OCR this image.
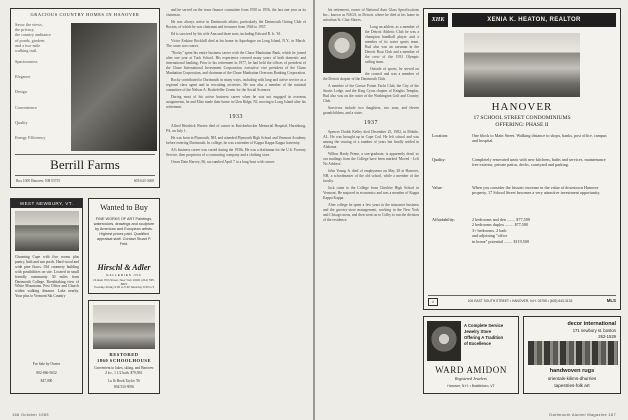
GRACIOUS COUNTRY HOMES IN HANOVER
Savor the views,
the privacy,
the country ambiance
of ponds, gardens
and a two-mile
walking trail.
Spaciousness
Elegance
Design
Convenience
Quality
Energy Efficiency
Berrill Farms
Box 1000 Hanover, NH 03755	603/643-3608
WEST NEWBURY, VT.
Charming Cape with five rooms plus pantry, bath and sun porch. Hard wood and wide pine floors. Old creamery building with possibilities on site. Located in small friendly community 30 miles from Dartmouth College. Breathtaking view of White Mountains. Post Office and Church within walking distance. Lake nearby. Your plus to Vermont Ski Country
For Sale by Owner
802-866-5652
$47,000
Wanted to Buy
FINE WORKS OF ART Paintings, watercolors, drawings and sculpture by American and European artists. Highest prices paid. Qualified appraisal staff. Contact Stuart P. Feld.
Hirschl & Adler
GALLERIES INC
21 East 70th Street, New York 10021 (212) 535-8810
Tuesday-Friday 9:30 to 5:30 Saturday 9:30 to 5
RESTORED
1860 SCHOOLHOUSE
Convenient to lakes, skiing, and Hanover. 2 b.r., 1 1/2 bath. $79,500.
Lu & Hook Taylor '56
802/333-9056

and he served on the town finance committee from 1950 to 1956, the last one year as its chairman.

He was always active in Dartmouth affairs, particularly the Dartmouth Outing Club of Boston, of which he was chairman and treasurer from 1944 to 1957.

Ed is survived by his wife Ann and three sons, including Edward B. Jr. '61.

Victor Erskine Rockhill died at his home in Aquebogue on Long Island, N.Y., in March. The cause was cancer.

"Rocky" spent his entire business career with the Chase Manhattan Bank, which he joined after one year at Tuck School. His experience covered many years of both domestic and international banking. Prior to his retirement in 1977, he had held the offices of president of the Chase International Investment Corporation, executive vice president of the Chase Manhattan Corporation, and chairman of the Chase Manhattan Overseas Banking Corporation.

Rocky contributed to Dartmouth in many ways, including with long and active service as a regional class agent and in recruiting activities. He was also a member of the national committee of the Nelson A. Rockefeller Center for the Social Sciences.

During most of his active business career when he was not engaged in overseas assignments, he and Elise made their home in Glen Ridge, NJ, moving to Long Island after his retirement.

1933

Alfred Hendrick Warren died of cancer in Knickerbocker Memorial Hospital, Harrisburg, PA, on July 1.

He was born in Plymouth, NH, and attended Plymouth High School and Vermont Academy before entering Dartmouth. In college, he was a member of Kappa Kappa Kappa fraternity.

Al's business career was varied during the 1930s. He was a draftsman for the U.S. Forestry Service, then proprietor of a contracting company and a clothing store.

Orson Dain Harvey, 86, succumbed April 7 to a long bout with cancer.

166 October 1983

his retirement, owner of National Auto Glass Specifications Inc., known as NAGS, in Detroit, where he died at his home in suburban St. Clair Shores.

Long an athlete, as a member of the Detroit Athletic Club he was a champion handball player and a member of its water sports team. Bud also was an oarsman in the Detroit Boat Club and a member of the crew of the 1931 Olympic sailing team.

Outside of sports, he served on the council and was a member of the Detroit chapter of the Dartmouth Club.

A member of the Grosse Pointe Yacht Club, the City of the Straits Lodge, and the King Cyrus chapter of Knights Templar, Bud also was on the roster of the Washington Golf and Country Club.

Survivors include two daughters, two sons, and eleven grandchildren, and a sister.

1937

Spencer Dodds Kelley died December 25, 1982, in Mobile, AL. He was brought up in Cape Cod. He left school and was among the rousing of a number of years but finally settled in Alabama.

Wilbur Hardy Prime, a son-graduate, is apparently dead, so our mailings from the College have been marked 'Moved - Left No Address'.

John Young Jr. died of emphysema on May 28 at Hanover, NH, a schoolmaster of the old school, while a member of the faculty.

Jack came to the College from Cheshire High School in Vermont. He majored in economics and was a member of Kappa Kappa Kappa.

After college he spent a few years in the insurance business and the grocery-store management, working in the New York and Chicago areas, and then went on to Colby to run the division of the residence.

XHK	XENIA K. HEATON, REALTOR
HANOVER
17 SCHOOL STREET CONDOMINIUMS
OFFERING: PHASE II
Location:	One block to Main Street. Walking distance to shops, banks, post office, campus and hospital.
Quality:	Completely renovated units with new kitchens, baths and services, maintenance free exterior, private patios, decks, courtyard and parking.
Value:	When you consider the historic increase in the value of downtown Hanover property, 17 School Street becomes a very attractive investment opportunity.
Affordability:	2 bedrooms and den ........ $77,500
2 bedrooms duplex ........ $77,500
3+ bedrooms, 2 bath
and adjoining "office
in home" potential ........ $119,500
⌂	106 EAST SOUTH STREET • HANOVER, N.H. 03755 • (603) 643-3133	MLS
A Complete Service
Jewelry Store
Offering A Tradition
of Excellence
WARD AMIDON
Registered Jewelers
Hanover, N.H. • Brattleboro, VT
decor international
171 newbury st. boston
262-1529
handwoven rugs
orientals-kilims-dhurries
tapestries-folk art
Dartmouth Alumni Magazine 167
